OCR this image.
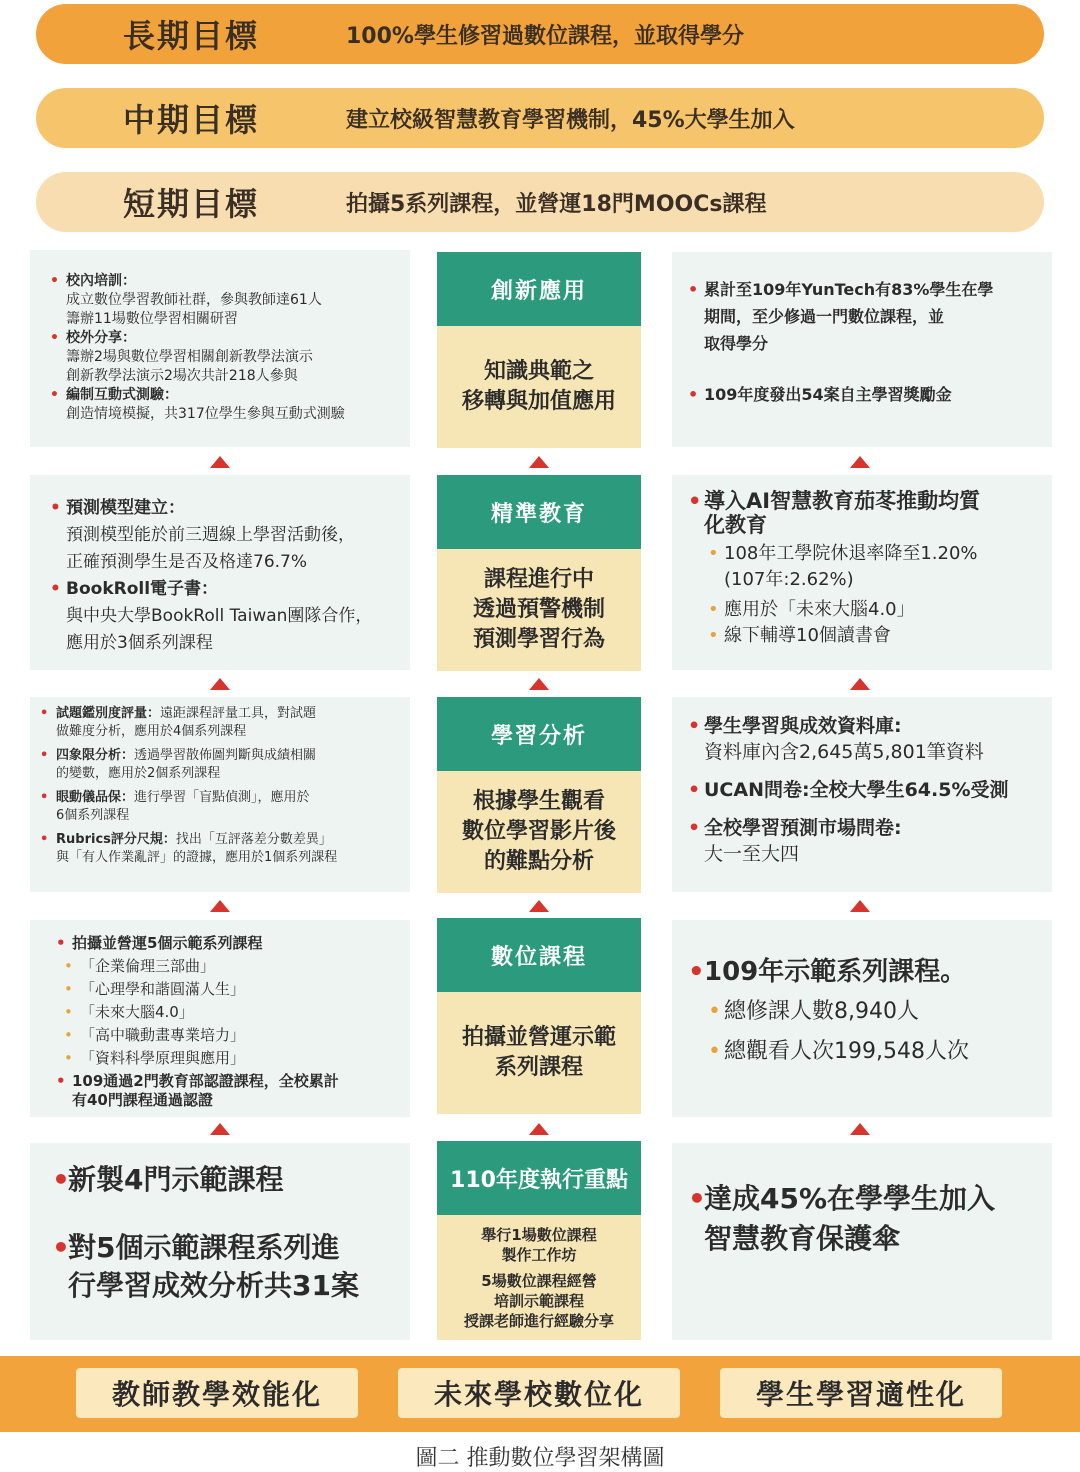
長期目標	100%學生修習過數位課程，並取得學分
中期目標	建立校級智慧教育學習機制，45%大學生加入
短期目標	拍攝5系列課程，並營運18門MOOCs課程
• 校內培訓：
成立數位學習教師社群，參與教師達61人
籌辦11場數位學習相關研習
• 校外分享：
籌辦2場與數位學習相關創新教學法演示
創新教學法演示2場次共計218人參與
• 編制互動式測驗：
創造情境模擬，共317位學生參與互動式測驗
創新應用
知識典範之
移轉與加值應用
• 累計至109年YunTech有83%學生在學
期間，至少修過一門數位課程，並
取得學分
• 109年度發出54案自主學習獎勵金
• 預測模型建立：
預測模型能於前三週線上學習活動後，
正確預測學生是否及格達76.7%
• BookRoll電子書：
與中央大學BookRoll Taiwan團隊合作，
應用於3個系列課程
精準教育
課程進行中
透過預警機制
預測學習行為
• 導入AI智慧教育茄苳推動均質
化教育
• 108年工學院休退率降至1.20%
(107年:2.62%)
• 應用於「未來大腦4.0」
• 線下輔導10個讀書會
• 試題鑑別度評量：遠距課程評量工具，對試題
做難度分析，應用於4個系列課程
• 四象限分析：透過學習散佈圖判斷與成績相關
的變數，應用於2個系列課程
• 眼動儀品保：進行學習「盲點偵測」，應用於
6個系列課程
• Rubrics評分尺規：找出「互評落差分數差異」
與「有人作業亂評」的證據，應用於1個系列課程
學習分析
根據學生觀看
數位學習影片後
的難點分析
• 學生學習與成效資料庫:
資料庫內含2,645萬5,801筆資料
• UCAN問卷:全校大學生64.5%受測
• 全校學習預測市場問卷:
大一至大四
• 拍攝並營運5個示範系列課程
• 「企業倫理三部曲」
• 「心理學和諧圓滿人生」
• 「未來大腦4.0」
• 「高中職動畫專業培力」
• 「資料科學原理與應用」
• 109通過2門教育部認證課程，全校累計
有40門課程通過認證
數位課程
拍攝並營運示範
系列課程
• 109年示範系列課程。
• 總修課人數8,940人
• 總觀看人次199,548人次
• 新製4門示範課程
• 對5個示範課程系列進
行學習成效分析共31案
110年度執行重點
舉行1場數位課程
製作工作坊
5場數位課程經營
培訓示範課程
授課老師進行經驗分享
• 達成45%在學學生加入
智慧教育保護傘
教師教學效能化	未來學校數位化	學生學習適性化
圖二 推動數位學習架構圖
